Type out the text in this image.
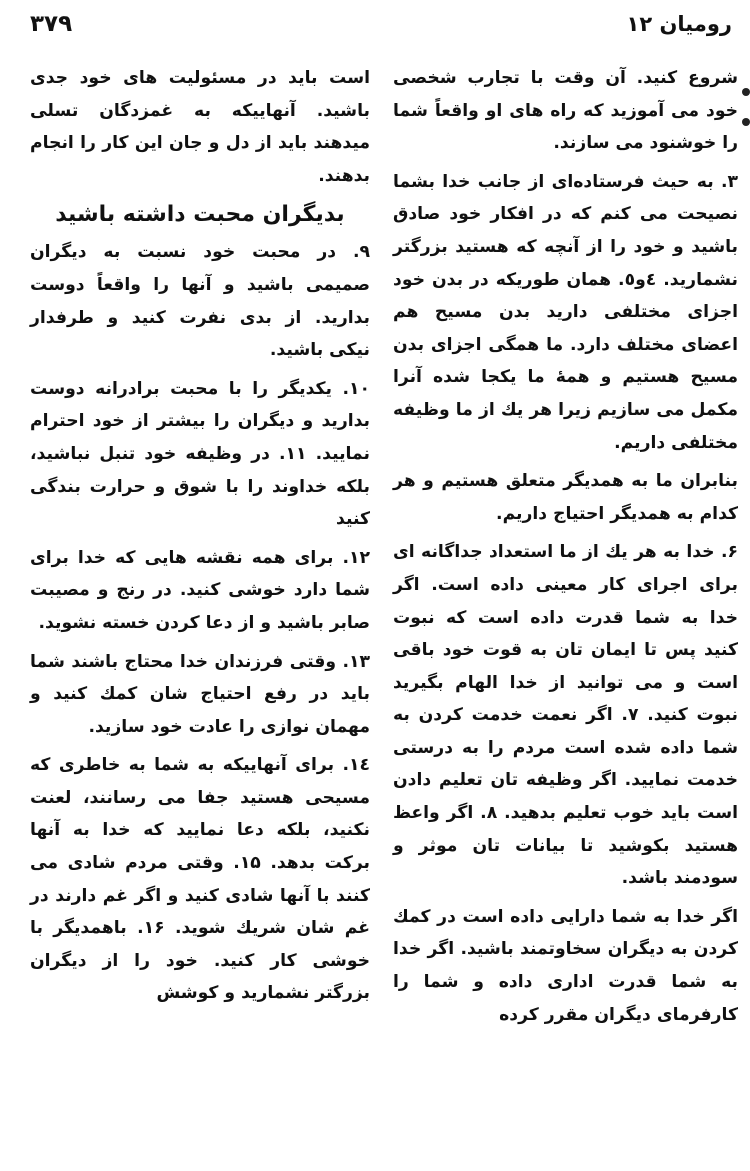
رومیان ۱۲
۳۷۹

شروع کنید. آن وقت با تجارب شخصی خود می آموزید که راه های او واقعاً شما را خوشنود می سازند.

۳. به حیث فرستاده‌ای از جانب خدا بشما نصیحت می کنم که در افکار خود صادق باشید و خود را از آنچه که هستید بزرگتر نشمارید. ٤و٥. همان طوریکه در بدن خود اجزای مختلفی دارید بدن مسیح هم اعضای مختلف دارد. ما همگی اجزای بدن مسیح هستیم و همهٔ ما یکجا شده آنرا مکمل می سازیم زیرا هر یك از ما وظیفه مختلفی داریم.

بنابران ما به همدیگر متعلق هستیم و هر کدام به همدیگر احتیاج داریم.

۶. خدا به هر یك از ما استعداد جداگانه ای برای اجرای کار معینی داده است. اگر خدا به شما قدرت داده است که نبوت کنید پس تا ایمان تان به قوت خود باقی است و می توانید از خدا الهام بگیرید نبوت کنید. ۷. اگر نعمت خدمت کردن به شما داده شده است مردم را به درستی خدمت نمایید. اگر وظیفه تان تعلیم دادن است باید خوب تعلیم بدهید. ۸. اگر واعظ هستید بکوشید تا بیانات تان موثر و سودمند باشد.

اگر خدا به شما دارایی داده است در کمك کردن به دیگران سخاوتمند باشید. اگر خدا به شما قدرت اداری داده و شما را کارفرمای دیگران مقرر کرده

است باید در مسئولیت های خود جدی باشید. آنهاییکه به غمزدگان تسلی میدهند باید از دل و جان این کار را انجام بدهند.

بدیگران محبت داشته باشید

۹. در محبت خود نسبت به دیگران صمیمی باشید و آنها را واقعاً دوست بدارید. از بدی نفرت کنید و طرفدار نیکی باشید.

۱۰. یکدیگر را با محبت برادرانه دوست بدارید و دیگران را بیشتر از خود احترام نمایید. ۱۱. در وظیفه خود تنبل نباشید، بلکه خداوند را با شوق و حرارت بندگی کنید

۱۲. برای همه نقشه هایی که خدا برای شما دارد خوشی کنید. در رنج و مصیبت صابر باشید و از دعا کردن خسته نشوید.

۱۳. وقتی فرزندان خدا محتاج باشند شما باید در رفع احتیاج شان کمك کنید و مهمان نوازی را عادت خود سازید.

۱٤. برای آنهاییکه به شما به خاطری که مسیحی هستید جفا می رسانند، لعنت نکنید، بلکه دعا نمایید که خدا به آنها برکت بدهد. ۱۵. وقتی مردم شادی می کنند با آنها شادی کنید و اگر غم دارند در غم شان شریك شوید. ۱۶. باهمدیگر با خوشی کار کنید. خود را از دیگران بزرگتر نشمارید و کوشش
